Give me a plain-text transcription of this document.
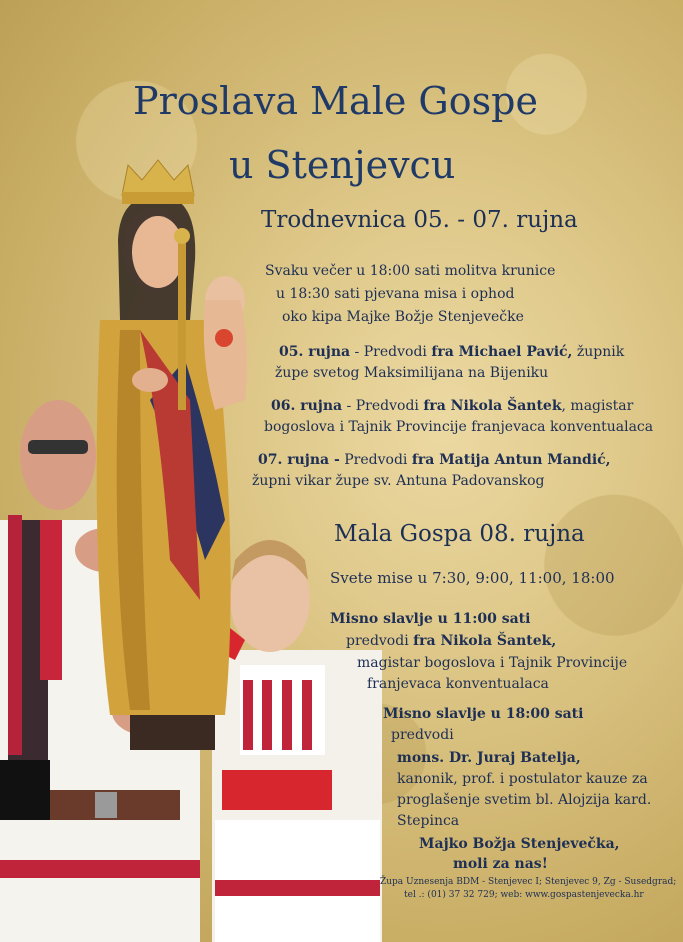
Proslava Male Gospe
u Stenjevcu
Trodnevnica 05. - 07. rujna
Svaku večer u 18:00 sati molitva krunice
u 18:30 sati pjevana misa i ophod
oko kipa Majke Božje Stenjevečke
05. rujna - Predvodi fra Michael Pavić, župnik
župe svetog Maksimilijana na Bijeniku
06. rujna - Predvodi fra Nikola Šantek, magistar
bogoslova i Tajnik Provincije franjevaca konventualaca
07. rujna - Predvodi fra Matija Antun Mandić,
župni vikar župe sv. Antuna Padovanskog
Mala Gospa 08. rujna
Svete mise u 7:30, 9:00, 11:00, 18:00
Misno slavlje u 11:00 sati
predvodi fra Nikola Šantek,
magistar bogoslova i Tajnik Provincije
franjevaca konventualaca
Misno slavlje u 18:00 sati
predvodi
mons. Dr. Juraj Batelja,
kanonik, prof. i postulator kauze za
proglašenje svetim bl. Alojzija kard.
Stepinca
Majko Božja Stenjevečka,
moli za nas!
Župa Uznesenja BDM - Stenjevec I; Stenjevec 9, Zg - Susedgrad;
tel .: (01) 37 32 729; web: www.gospastenjevecka.hr
